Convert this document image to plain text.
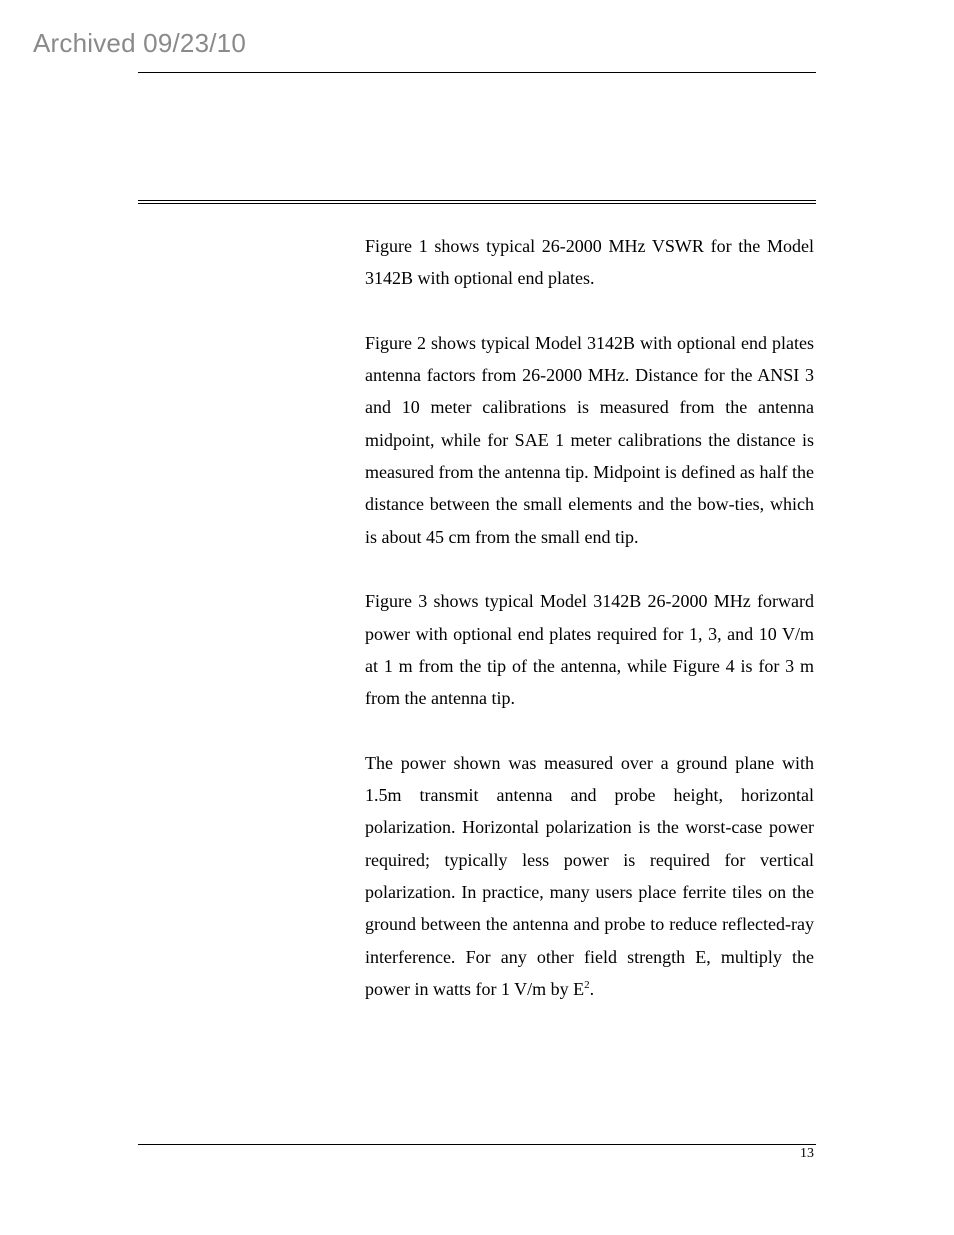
Archived 09/23/10

Figure 1 shows typical 26-2000 MHz VSWR for the Model 3142B with optional end plates.

Figure 2 shows typical Model 3142B with optional end plates antenna factors from 26-2000 MHz. Distance for the ANSI 3 and 10 meter calibrations is measured from the antenna midpoint, while for SAE 1 meter calibrations the distance is measured from the antenna tip. Midpoint is defined as half the distance between the small elements and the bow-ties, which is about 45 cm from the small end tip.

Figure 3 shows typical Model 3142B 26-2000 MHz forward power with optional end plates required for 1, 3, and 10 V/m at 1 m from the tip of the antenna, while Figure 4 is for 3 m from the antenna tip.

The power shown was measured over a ground plane with 1.5m transmit antenna and probe height, horizontal polarization. Horizontal polarization is the worst-case power required; typically less power is required for vertical polarization. In practice, many users place ferrite tiles on the ground between the antenna and probe to reduce reflected-ray interference. For any other field strength E, multiply the power in watts for 1 V/m by $E^2$.

13
